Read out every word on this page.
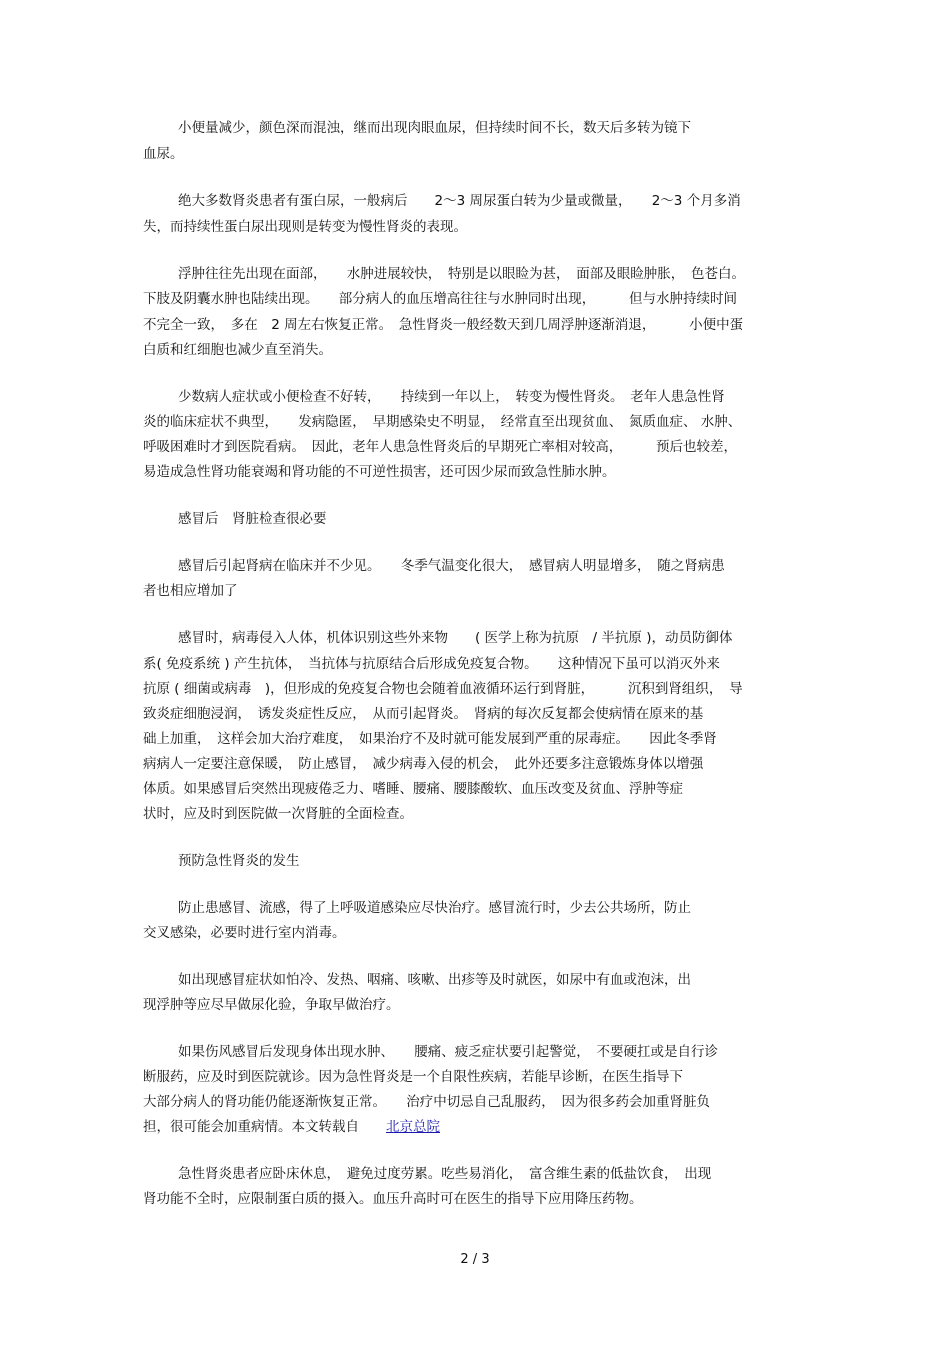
小便量减少，颜色深而混浊，继而出现肉眼血尿，但持续时间不长，数天后多转为镜下
血尿。
绝大多数肾炎患者有蛋白尿，一般病后　　2～3 周尿蛋白转为少量或微量，　　2～3 个月多消
失，而持续性蛋白尿出现则是转变为慢性肾炎的表现。
浮肿往往先出现在面部，　　水肿进展较快，　特别是以眼睑为甚，　面部及眼睑肿胀，　色苍白。
下肢及阴囊水肿也陆续出现。　　部分病人的血压增高往往与水肿同时出现，　　　但与水肿持续时间
不完全一致，　多在　2 周左右恢复正常。　急性肾炎一般经数天到几周浮肿逐渐消退，　　　小便中蛋
白质和红细胞也减少直至消失。
少数病人症状或小便检查不好转，　　持续到一年以上，　转变为慢性肾炎。　老年人患急性肾
炎的临床症状不典型，　　发病隐匿，　早期感染史不明显，　经常直至出现贫血、　氮质血症、 水肿、
呼吸困难时才到医院看病。　因此，老年人患急性肾炎后的早期死亡率相对较高，　　　预后也较差，
易造成急性肾功能衰竭和肾功能的不可逆性损害，还可因少尿而致急性肺水肿。
感冒后　肾脏检查很必要
感冒后引起肾病在临床并不少见。　　冬季气温变化很大，　感冒病人明显增多，　随之肾病患
者也相应增加了
感冒时，病毒侵入人体，机体识别这些外来物　　( 医学上称为抗原　/ 半抗原 )，动员防御体
系( 免疫系统 ) 产生抗体，　当抗体与抗原结合后形成免疫复合物。　　这种情况下虽可以消灭外来
抗原 ( 细菌或病毒　)，但形成的免疫复合物也会随着血液循环运行到肾脏，　　　沉积到肾组织，　导
致炎症细胞浸润，　诱发炎症性反应，　从而引起肾炎。　肾病的每次反复都会使病情在原来的基
础上加重，　这样会加大治疗难度，　如果治疗不及时就可能发展到严重的尿毒症。　　因此冬季肾
病病人一定要注意保暖，　防止感冒，　减少病毒入侵的机会，　此外还要多注意锻炼身体以增强
体质。如果感冒后突然出现疲倦乏力、嗜睡、腰痛、腰膝酸软、血压改变及贫血、浮肿等症
状时，应及时到医院做一次肾脏的全面检查。
预防急性肾炎的发生
防止患感冒、流感，得了上呼吸道感染应尽快治疗。感冒流行时，少去公共场所，防止
交叉感染，必要时进行室内消毒。
如出现感冒症状如怕冷、发热、咽痛、咳嗽、出疹等及时就医，如尿中有血或泡沫，出
现浮肿等应尽早做尿化验，争取早做治疗。
如果伤风感冒后发现身体出现水肿、　　腰痛、疲乏症状要引起警觉，　不要硬扛或是自行诊
断服药，应及时到医院就诊。因为急性肾炎是一个自限性疾病，若能早诊断，在医生指导下
大部分病人的肾功能仍能逐渐恢复正常。　　治疗中切忌自己乱服药，　因为很多药会加重肾脏负
担，很可能会加重病情。本文转载自　　北京总院
急性肾炎患者应卧床休息，　避免过度劳累。吃些易消化，　富含维生素的低盐饮食，　出现
肾功能不全时，应限制蛋白质的摄入。血压升高时可在医生的指导下应用降压药物。
2 / 3
